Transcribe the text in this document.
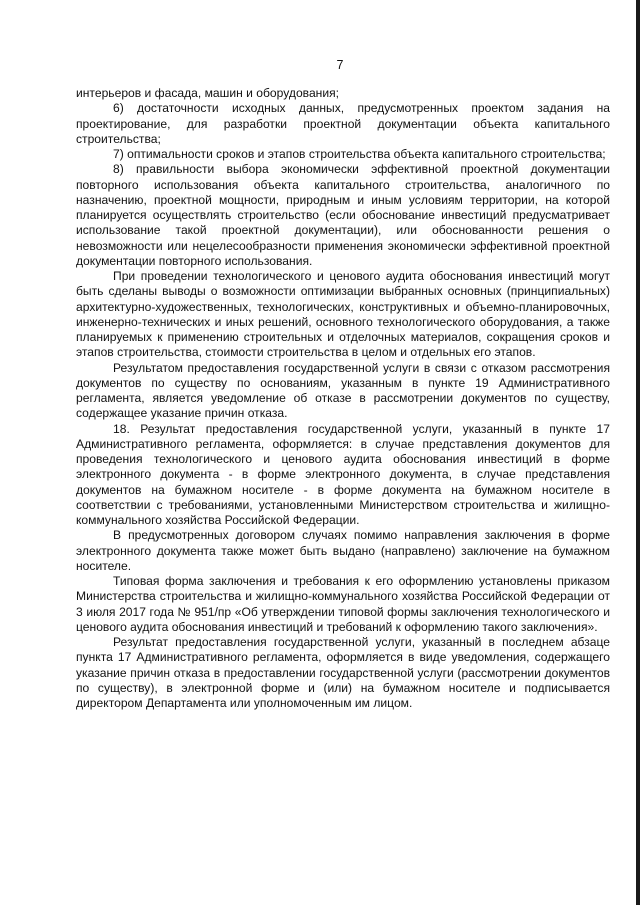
7

интерьеров и фасада, машин и оборудования;

6) достаточности исходных данных, предусмотренных проектом задания на проектирование, для разработки проектной документации объекта капитального строительства;

7) оптимальности сроков и этапов строительства объекта капитального строительства;

8) правильности выбора экономически эффективной проектной документации повторного использования объекта капитального строительства, аналогичного по назначению, проектной мощности, природным и иным условиям территории, на которой планируется осуществлять строительство (если обоснование инвестиций предусматривает использование такой проектной документации), или обоснованности решения о невозможности или нецелесообразности применения экономически эффективной проектной документации повторного использования.

При проведении технологического и ценового аудита обоснования инвестиций могут быть сделаны выводы о возможности оптимизации выбранных основных (принципиальных) архитектурно-художественных, технологических, конструктивных и объемно-планировочных, инженерно-технических и иных решений, основного технологического оборудования, а также планируемых к применению строительных и отделочных материалов, сокращения сроков и этапов строительства, стоимости строительства в целом и отдельных его этапов.

Результатом предоставления государственной услуги в связи с отказом рассмотрения документов по существу по основаниям, указанным в пункте 19 Административного регламента, является уведомление об отказе в рассмотрении документов по существу, содержащее указание причин отказа.

18. Результат предоставления государственной услуги, указанный в пункте 17 Административного регламента, оформляется: в случае представления документов для проведения технологического и ценового аудита обоснования инвестиций в форме электронного документа - в форме электронного документа, в случае представления документов на бумажном носителе - в форме документа на бумажном носителе в соответствии с требованиями, установленными Министерством строительства и жилищно-коммунального хозяйства Российской Федерации.

В предусмотренных договором случаях помимо направления заключения в форме электронного документа также может быть выдано (направлено) заключение на бумажном носителе.

Типовая форма заключения и требования к его оформлению установлены приказом Министерства строительства и жилищно-коммунального хозяйства Российской Федерации от 3 июля 2017 года № 951/пр «Об утверждении типовой формы заключения технологического и ценового аудита обоснования инвестиций и требований к оформлению такого заключения».

Результат предоставления государственной услуги, указанный в последнем абзаце пункта 17 Административного регламента, оформляется в виде уведомления, содержащего указание причин отказа в предоставлении государственной услуги (рассмотрении документов по существу), в электронной форме и (или) на бумажном носителе и подписывается директором Департамента или уполномоченным им лицом.
